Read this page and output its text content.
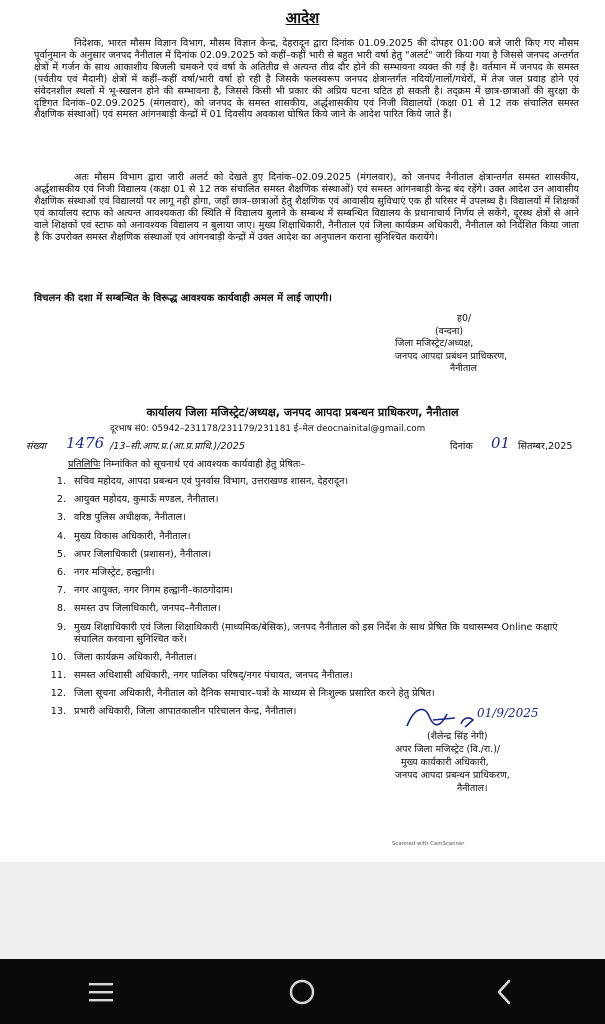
आदेश
निदेशक, भारत मौसम विज्ञान विभाग, मौसम विज्ञान केन्द्र, देहरादून द्वारा दिनांक 01.09.2025 की दोपहर 01:00 बजे जारी किए गए मौसम पूर्वानुमान के अनुसार जनपद नैनीताल में दिनांक 02.09.2025 को कहीं–कहीं भारी से बहुत भारी वर्षा हेतु "अलर्ट" जारी किया गया है जिससे जनपद अन्तर्गत क्षेत्रों में गर्जन के साथ आकाशीय बिजली चमकने एवं वर्षा के अतितीव्र से अत्यन्त तीव्र दौर होने की सम्भावना व्यक्त की गई है। वर्तमान में जनपद के समस्त (पर्वतीय एवं मैदानी) क्षेत्रों में कहीं–कहीं वर्षा/भारी वर्षा हो रही है जिसके फलस्वरूप जनपद क्षेत्रान्तर्गत नदियों/नालों/गधेरों, में तेज जल प्रवाह होने एवं संवेदनशील स्थलों में भू-स्खलन होने की सम्भावना है, जिससे किसी भी प्रकार की अप्रिय घटना घटित हो सकती है। तद्क्रम में छात्र-छात्राओं की सुरक्षा के दृष्टिगत दिनांक–02.09.2025 (मंगलवार), को जनपद के समस्त शासकीय, अर्द्धशासकीय एवं निजी विद्यालयों (कक्षा 01 से 12 तक संचालित समस्त शैक्षणिक संस्थाओं) एवं समस्त आंगनबाड़ी केन्द्रों में 01 दिवसीय अवकाश घोषित किये जाने के आदेश पारित किये जाते हैं।
अतः मौसम विभाग द्वारा जारी अलर्ट को देखते हुए दिनांक–02.09.2025 (मंगलवार), को जनपद नैनीताल क्षेत्रान्तर्गत समस्त शासकीय, अर्द्धशासकीय एवं निजी विद्यालय (कक्षा 01 से 12 तक संचालित समस्त शैक्षणिक संस्थाओं) एवं समस्त आंगनबाड़ी केन्द्र बंद रहेंगे। उक्त आदेश उन आवासीय शैक्षणिक संस्थाओं एवं विद्यालयों पर लागू नही होगा, जहाँ छात्र–छात्राओं हेतु शैक्षणिक एवं आवासीय सुविधाएं एक ही परिसर में उपलब्ध है। विद्यालयों में शिक्षकों एवं कार्यालय स्टाफ को अत्यन्त आवश्यकता की स्थिति में विद्यालय बुलाने के सम्बन्ध में सम्बन्धित विद्यालय के प्रधानाचार्य निर्णय ले सकेंगे, दूरस्थ क्षेत्रों से आने वाले शिक्षकों एवं स्टाफ को अनावश्यक विद्यालय न बुलाया जाए। मुख्य शिक्षाधिकारी, नैनीताल एवं जिला कार्यक्रम अधिकारी, नैनीताल को निर्देशित किया जाता है कि उपरोक्त समस्त शैक्षणिक संस्थाओं एवं आंगनबाड़ी केन्द्रों में उक्त आदेश का अनुपालन कराना सुनिश्चित करायेंगे।
विचलन की दशा में सम्बन्धित के विरूद्ध आवश्यक कार्यवाही अमल में लाई जाएगी।
ह0/
(वन्दना)
जिला मजिस्ट्रेट/अध्यक्ष,
जनपद आपदा प्रबंधन प्राधिकरण,
नैनीताल
कार्यालय जिला मजिस्ट्रेट/अध्यक्ष, जनपद आपदा प्रबन्धन प्राधिकरण, नैनीताल
दूरभाष सं0: 05942–231178/231179/231181 ई–मेल deocnainital@gmail.com
संख्या 1476 /13–सी.आप.प्र.(आ.प्र.प्राधि.)/2025	दिनांक 01 सितम्बर,2025
प्रतिलिपिः निम्नांकित को सूचनार्थ एवं आवश्यक कार्यवाही हेतु प्रेषितः–
1. सचिव महोदय, आपदा प्रबन्धन एवं पुनर्वास विभाग, उत्तराखण्ड शासन, देहरादून।
2. आयुक्त महोदय, कुमाऊँ मण्डल, नैनीताल।
3. वरिष्ठ पुलिस अधीक्षक, नैनीताल।
4. मुख्य विकास अधिकारी, नैनीताल।
5. अपर जिलाधिकारी (प्रशासन), नैनीताल।
6. नगर मजिस्ट्रेट, हल्द्वानी।
7. नगर आयुक्त, नगर निगम हल्द्वानी–काठगोदाम।
8. समस्त उप जिलाधिकारी, जनपद–नैनीताल।
9. मुख्य शिक्षाधिकारी एवं जिला शिक्षाधिकारी (माध्यमिक/बेसिक), जनपद नैनीताल को इस निर्देश के साथ प्रेषित कि यथासम्भव Online कक्षाएं संचालित करवाना सुनिश्चित करें।
10. जिला कार्यक्रम अधिकारी, नैनीताल।
11. समस्त अधिशासी अधिकारी, नगर पालिका परिषद्/नगर पंचायत, जनपद नैनीताल।
12. जिला सूचना अधिकारी, नैनीताल को दैनिक समाचार–पत्रों के माध्यम से निःशुल्क प्रसारित करने हेतु प्रेषित।
13. प्रभारी अधिकारी, जिला आपातकालीन परिचालन केन्द्र, नैनीताल।	01/9/2025
(शैलेन्द्र सिंह नेगी)
अपर जिला मजिस्ट्रेट (वि./रा.)/
मुख्य कार्यकारी अधिकारी,
जनपद आपदा प्रबन्धन प्राधिकरण,
नैनीताल।
Scanned with CamScanner
